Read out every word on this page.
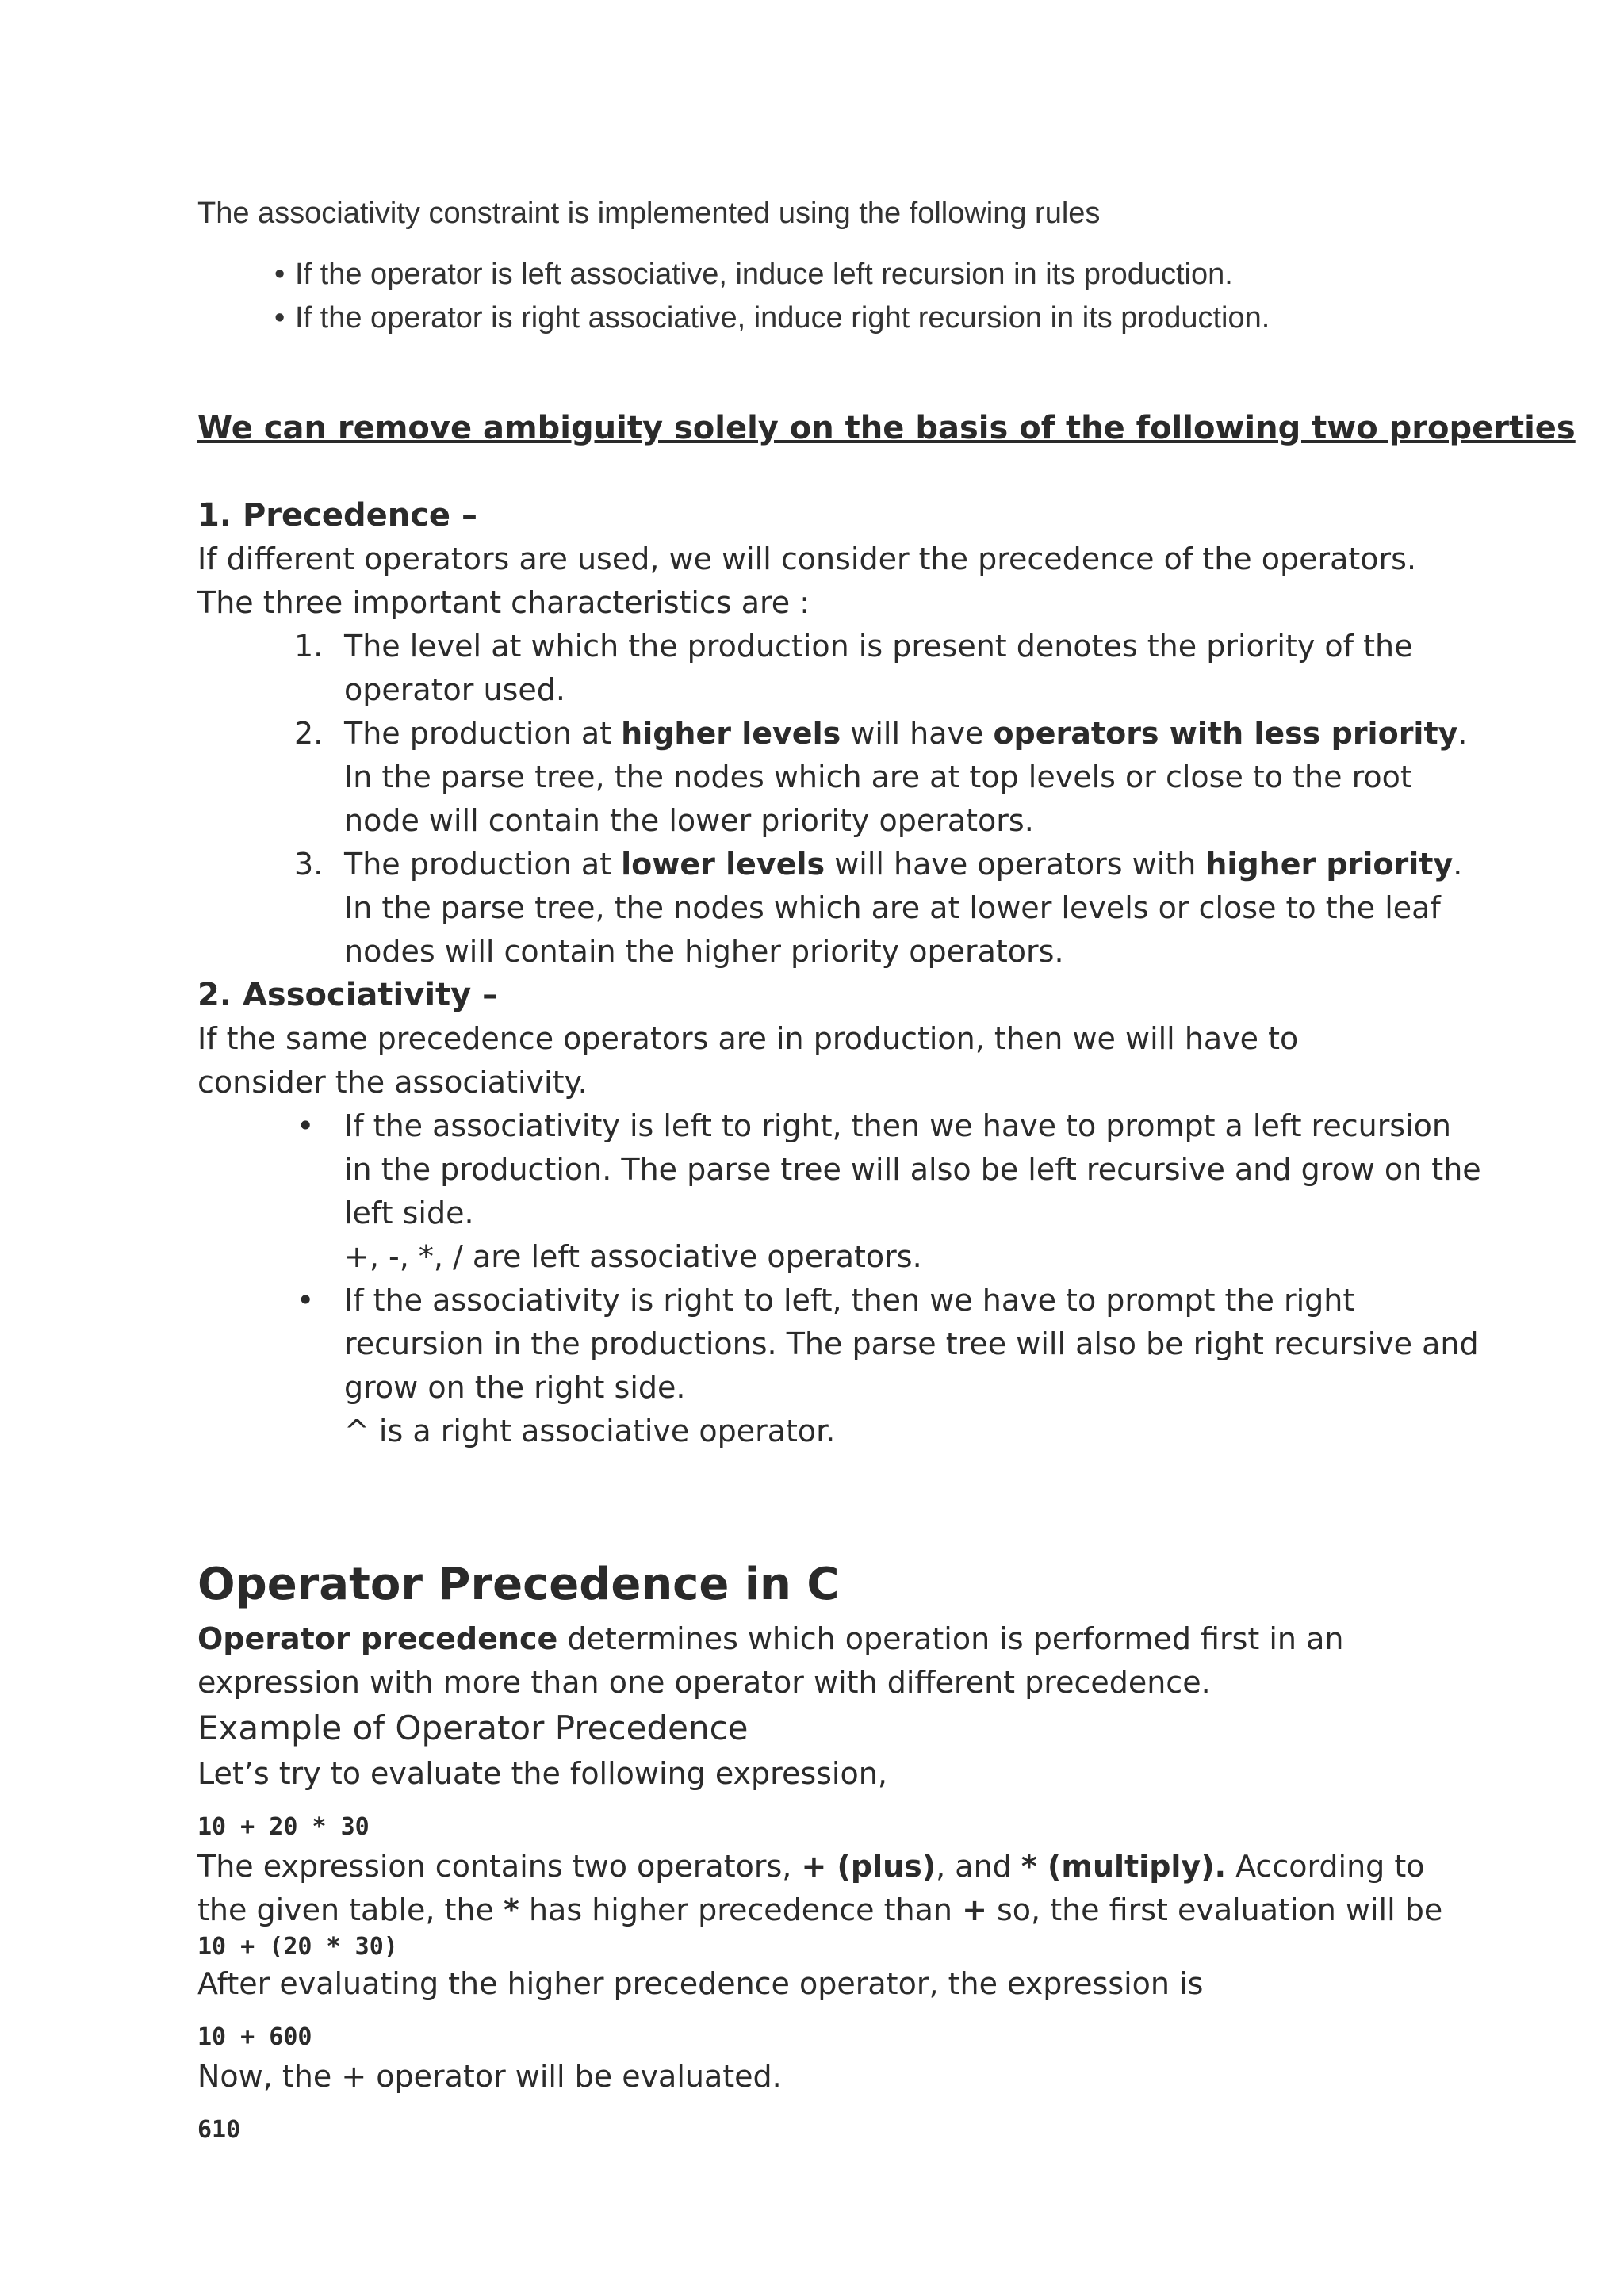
The associativity constraint is implemented using the following rules
• If the operator is left associative, induce left recursion in its production.
• If the operator is right associative, induce right recursion in its production.
We can remove ambiguity solely on the basis of the following two properties

1. Precedence –

If different operators are used, we will consider the precedence of the operators.

The three important characteristics are :

1. The level at which the production is present denotes the priority of the operator used.
2. The production at higher levels will have operators with less priority. In the parse tree, the nodes which are at top levels or close to the root node will contain the lower priority operators.
3. The production at lower levels will have operators with higher priority. In the parse tree, the nodes which are at lower levels or close to the leaf nodes will contain the higher priority operators.

2. Associativity –

If the same precedence operators are in production, then we will have to consider the associativity.

• If the associativity is left to right, then we have to prompt a left recursion in the production. The parse tree will also be left recursive and grow on the left side.
+, -, *, / are left associative operators.
• If the associativity is right to left, then we have to prompt the right recursion in the productions. The parse tree will also be right recursive and grow on the right side.
^ is a right associative operator.
Operator Precedence in C

Operator precedence determines which operation is performed first in an expression with more than one operator with different precedence.

Example of Operator Precedence

Let’s try to evaluate the following expression,

10 + 20 * 30

The expression contains two operators, + (plus), and * (multiply). According to the given table, the * has higher precedence than + so, the first evaluation will be

10 + (20 * 30)

After evaluating the higher precedence operator, the expression is

10 + 600

Now, the + operator will be evaluated.

610
